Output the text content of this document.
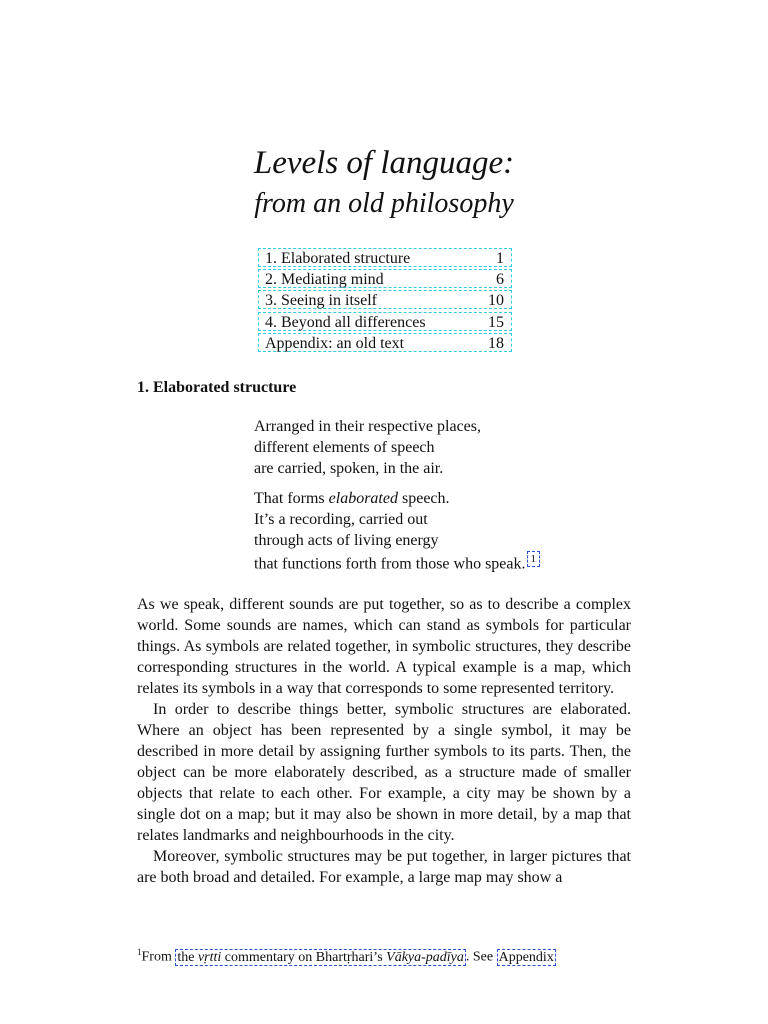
Levels of language:
from an old philosophy
1. Elaborated structure	1
2. Mediating mind	6
3. Seeing in itself	10
4. Beyond all differences	15
Appendix: an old text	18
1. Elaborated structure
Arranged in their respective places,
different elements of speech
are carried, spoken, in the air.
That forms elaborated speech.
It’s a recording, carried out
through acts of living energy
that functions forth from those who speak. 1

As we speak, different sounds are put together, so as to describe a complex world. Some sounds are names, which can stand as symbols for particular things. As symbols are related together, in symbolic structures, they describe corresponding structures in the world. A typical example is a map, which relates its symbols in a way that corresponds to some represented territory.

In order to describe things better, symbolic structures are elaborated. Where an object has been represented by a single symbol, it may be described in more detail by assigning further symbols to its parts. Then, the object can be more elaborately described, as a structure made of smaller objects that relate to each other. For example, a city may be shown by a single dot on a map; but it may also be shown in more detail, by a map that relates landmarks and neighbourhoods in the city.

Moreover, symbolic structures may be put together, in larger pictures that are both broad and detailed. For example, a large map may show a

$^1$From the vṛtti commentary on Bhartṛhari’s Vākya-padīya . See Appendix
